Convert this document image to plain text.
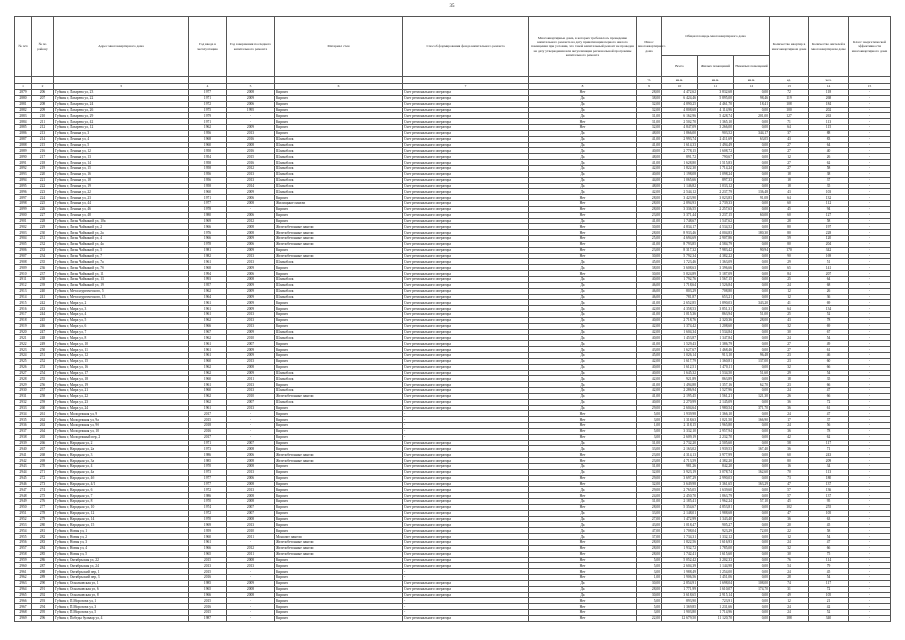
35
№ п/п	№ по району	Адрес многоквартирного дома	Год ввода в эксплуатацию	Год завершения последнего капитального ремонта	Материал стен	Способ формирования фонда капитального ремонта	Многоквартирные дома, в которых требовалось проведение капитального ремонта на дату приватизации первого жилого помещения при условии, что такой капитальный ремонт не проведен на дату утверждения или актуализации региональной программы капитального ремонта	Износ многоквартирного дома	Общая площадь многоквартирного дома			Количество квартир в многоквартирном доме	Количество жителей в многоквартирном доме	Класс энергетической эффективности многоквартирного дома
									Всего	Жилых помещений	Нежилых помещений			
								%	кв.м.	кв.м.	кв.м.	ед.	чел.	
1	2	3	4	5	6	7	8	9	10	11	12	13	14	15
2879	206	Губкин г, Лазарева ул, 23	1977	2008	Кирпич	Счет регионального оператора	Нет	28,00	4 472,62	3 832,68	0,00	72	118	-
2880	207	Губкин г, Лазарева ул, 22	1971	2009	Кирпич	Счет регионального оператора	Да	38,00	6 424,46	5 895,00	98,46	119	268	-
2881	208	Губкин г, Лазарева ул, 24	1972	2006	Кирпич	Счет регионального оператора	Да	32,00	4 890,25	4 461,70	18,41	108	184	-
2882	209	Губкин г, Лазарева ул, 26	1975	1995	Кирпич	Счет регионального оператора	Да	32,00	4 808,68	4 114,96	0,00	100	202	-
2883	210	Губкин г, Лазарева ул, 29	1979	-	Кирпич	Счет регионального оператора	Да	31,00	6 162,96	5 428,74	201,00	127	263	-
2884	211	Губкин г, Лазарева ул, 42	1971	-	Кирпич	Счет регионального оператора	Нет	31,00	2 502,70	1 365,10	0,00	71	113	-
2885	212	Губкин г, Лазарева ул, 12	1962	2009	Кирпич	Счет регионального оператора	Нет	32,00	4 847,09	3 266,00	0,00	64	115	-
2886	213	Губкин г, Ленина ул, 3	1956	2013	Кирпич	Счет регионального оператора	Да	48,00	1 866,00	903,52	344,17	37	88	-
2887	214	Губкин г, Ленина ул, 4	1968	2016	Шлакоблок	Счет регионального оператора	Да	41,00	2 993,74	2 411,69	63,05	43	83	-
2888	215	Губкин г, Ленина ул, 5	1960	2008	Шлакоблок	Счет регионального оператора	Да	41,00	1 614,33	1 494,49	0,00	27	64	-
2889	216	Губкин г, Ленина ул, 12	1958	2016	Шлакоблок	Счет регионального оператора	Да	40,00	2 778,15	1 608,72	0,00	27	40	-
2890	217	Губкин г, Ленина ул, 13	1954	2015	Шлакоблок	Счет регионального оператора	Да	48,00	891,72	790,67	0,00	12	26	-
2891	218	Губкин г, Ленина ул, 14	1958	2016	Шлакоблок	Счет регионального оператора	Да	41,00	1 628,80	1 515,83	0,00	27	62	-
2892	219	Губкин г, Ленина ул, 15	1958	2012	Шлакоблок	Счет регионального оператора	Да	42,00	1 822,30	1 714,24	0,00	27	58	-
2893	220	Губкин г, Ленина ул, 16	1956	2013	Шлакоблок	Счет регионального оператора	Да	40,00	1 198,08	1 098,24	0,00	18	38	-
2894	221	Губкин г, Ленина ул, 18	1956	2013	Шлакоблок	Счет регионального оператора	Да	44,00	1 065,66	897,33	0,00	18	37	-
2895	222	Губкин г, Ленина ул, 19	1958	2014	Шлакоблок	Счет регионального оператора	Да	48,00	1 146,82	1 033,12	0,00	18	35	-
2896	223	Губкин г, Ленина ул, 22	1960	2009	Шлакоблок	Счет регионального оператора	Да	42,00	2 544,12	2 237,79	136,48	43	103	-
2897	224	Губкин г, Ленина ул, 23	1971	2006	Кирпич	Счет регионального оператора	Нет	28,00	3 423,90	3 023,83	91,08	64	132	-
2898	225	Губкин г, Ленина ул, 44	1977	2008	Жилищные панели	Счет регионального оператора	Нет	28,00	2 894,93	2 739,33	0,00	60	112	-
2899	226	Губкин г, Ленина ул, 46	1978	-	Кирпич	Счет регионального оператора	Нет	28,00	3 336,55	2 257,63	0,00	45	94	-
2900	227	Губкин г, Ленина ул, 48	1980	2006	Кирпич	Счет регионального оператора	Нет	23,00	3 371,44	3 237,15	60,00	60	127	-
2901	228	Губкин г, Лизы Чайкиной ул, 10а	1969	2012	Кирпич	Счет регионального оператора	Да	41,00	1 748,67	1 547,62	0,00	28	58	-
2902	229	Губкин г, Лизы Чайкиной ул, 2	1966	2008	Железобетонные панели	Счет регионального оператора	Нет	30,00	4 834,17	4 534,52	0,00	80	197	-
2903	230	Губкин г, Лизы Чайкиной ул, 2а	1976	2008	Железобетонные панели	Счет регионального оператора	Нет	28,00	8 933,46	4 004,83	180,30	80	228	-
2904	231	Губкин г, Лизы Чайкиной ул, 4	1966	2009	Железобетонные панели	Счет регионального оператора	Нет	25,00	4 694,69	2 907,86	0,00	59	120	-
2905	232	Губкин г, Лизы Чайкиной ул, 4а	1978	2006	Железобетонные панели	Счет регионального оператора	Нет	41,00	8 793,85	4 584,79	0,00	80	204	-
2906	233	Губкин г, Лизы Чайкиной ул, 5	1981	2009	Кирпич	Счет регионального оператора	Нет	23,00	8 317,32	7 983,42	90,94	170	342	-
2907	234	Губкин г, Лизы Чайкиной ул, 7	1982	2013	Железобетонные панели	Счет регионального оператора	Нет	30,00	5 792,34	4 382,22	0,00	90	169	-
2908	235	Губкин г, Лизы Чайкиной ул, 7а	1961	2013	Шлакоблок	Счет регионального оператора	Да	45,00	1 723,46	1 363,09	0,00	29	51	-
2909	236	Губкин г, Лизы Чайкиной ул, 7б	1968	2009	Кирпич	Счет регионального оператора	Да	38,00	3 608,63	3 396,66	0,00	65	141	-
2910	237	Губкин г, Лизы Чайкиной ул, 11	1994	2006	Кирпич	Счет регионального оператора	Нет	30,00	5 824,89	5 187,09	0,00	84	207	-
2911	238	Губкин г, Лизы Чайкиной ул, 13	1993	2008	Шлакоблок	Счет регионального оператора	Да	40,00	1 792,76	1 567,15	0,00	25	64	-
2912	239	Губкин г, Лизы Чайкиной ул, 19	1957	2009	Шлакоблок	Счет регионального оператора	Да	46,00	1 718,64	1 526,84	0,00	24	68	-
2913	240	Губкин г, Металлургического, 5	1962	2009	Шлакоблок	Счет регионального оператора	Да	46,00	803,29	708,80	0,00	12	26	-
2914	241	Губкин г, Металлургического, 13	1964	2009	Шлакоблок	Счет регионального оператора	Да	46,00	781,87	653,21	0,00	12	36	-
2915	242	Губкин г, Мира ул, 2	1961	2009	Кирпич	Счет регионального оператора	Да	41,00	2 652,85	1 890,03	343,20	41	69	-
2916	243	Губкин г, Мира ул, 3	1961	2009	Кирпич	Счет регионального оператора	Да	42,00	4 358,53	3 851,31	0,00	64	134	-
2917	244	Губкин г, Мира ул, 4	1961	2013	Кирпич	Счет регионального оператора	Да	41,00	1 015,36	863,94	51,00	25	52	-
2918	245	Губкин г, Мира ул, 5	1962	2013	Кирпич	Счет регионального оператора	Да	40,00	2 718,76	2 320,36	28,00	43	78	-
2919	246	Губкин г, Мира ул, 6	1966	2013	Кирпич	Счет регионального оператора	Да	42,00	1 374,42	1 208,60	0,00	32	69	-
2920	247	Губкин г, Мира ул, 7	1967	2009	Шлакоблок	Счет регионального оператора	Да	42,00	1 604,34	1 534,84	0,00	30	67	-
2921	248	Губкин г, Мира ул, 8	1962	2010	Шлакоблок	Счет регионального оператора	Да	40,00	1 453,87	1 347,84	0,00	24	54	-
2922	249	Губкин г, Мира ул, 10	1961	2007	Кирпич	Счет регионального оператора	Да	41,00	1 529,43	1 386,79	0,00	27	49	-
2923	250	Губкин г, Мира ул, 11	1961	2009	Кирпич	Счет регионального оператора	Да	43,00	1 627,67	1 468,46	0,00	27	61	-
2924	251	Губкин г, Мира ул, 12	1961	2009	Кирпич	Счет регионального оператора	Да	45,00	1 026,14	913,10	96,48	23	46	-
2925	252	Губкин г, Мира ул, 15	1960	2013	Кирпич	Счет регионального оператора	Да	42,00	1 617,79	1 360,81	137,00	23	60	-
2926	253	Губкин г, Мира ул, 16	1962	2008	Кирпич	Счет регионального оператора	Да	40,00	1 612,51	1 470,11	0,00	32	66	-
2927	254	Губкин г, Мира ул, 17	1962	2009	Шлакоблок	Счет регионального оператора	Да	40,00	1 645,32	1 534,50	51,60	29	54	-
2928	255	Губкин г, Мира ул, 18	1960	2011	Шлакоблок	Счет регионального оператора	Да	42,00	921,89	863,89	0,00	18	35	-
2929	256	Губкин г, Мира ул, 19	1961	2013	Кирпич	Счет регионального оператора	Да	41,00	1 494,88	1 357,16	62,70	23	66	-
2930	257	Губкин г, Мира ул, 21	1960	2013	Шлакоблок	Счет регионального оператора	Да	42,00	2 286,94	1 527,96	0,00	24	47	-
2931	258	Губкин г, Мира ул, 22	1962	2010	Железобетонные панели	Счет регионального оператора	Да	41,00	2 195,45	1 561,21	121,30	26	66	-
2932	259	Губкин г, Мира ул, 23	1962	2007	Шлакоблок	Счет регионального оператора	Да	40,00	2 270,99	2 145,09	0,00	36	72	-
2933	260	Губкин г, Мира ул, 24	1961	2013	Кирпич	Счет регионального оператора	Да	29,00	2 604,64	1 980,54	371,70	36	61	-
2934	261	Губкин г, Молодежная ул, 9	2017	-	Кирпич	-	Нет	5,00	1 939,98	1 366,10	0,00	24	47	-
2935	262	Губкин г, Молодежная ул, 9а	2015	-	Кирпич	-	Нет	3,00	1 318,63	1 021,50	166,90	17	37	-
2936	263	Губкин г, Молодежная ул, 9б	2018	-	Кирпич	-	Нет	1,00	2 118,15	1 965,80	0,00	24	56	-
2937	264	Губкин г, Молодежная ул, 10	2016	-	Кирпич	-	Нет	5,00	3 332,10	2 957,94	0,00	36	78	-
2938	265	Губкин г, Молодежный пер, 2	2017	-	Кирпич	-	Нет	3,00	2 609,19	2 232,70	0,00	42	62	-
2939	266	Губкин г, Народная ул, 2	1971	2007	Кирпич	Счет регионального оператора	Да	31,00	2 732,20	2 505,60	0,00	58	117	-
2940	267	Губкин г, Народная ул, 2а	1973	2008	Кирпич	Счет регионального оператора	Да	33,00	2 163,02	1 939,53	167,40	36	71	-
2941	268	Губкин г, Народная ул, 3	1986	2006	Железобетонные панели	Счет регионального оператора	Нет	23,00	4 314,13	3 977,99	0,00	60	243	-
2942	269	Губкин г, Народная ул, 3а	1985	2008	Железобетонные панели	Счет регионального оператора	Нет	23,00	4 713,59	4 382,20	0,00	80	209	-
2943	270	Губкин г, Народная ул, 4	1970	2008	Кирпич	Счет регионального оператора	Да	31,00	981,26	842,20	0,00	16	34	-
2944	271	Губкин г, Народная ул, 4а	1973	2013	Кирпич	Счет регионального оператора	Да	32,00	3 923,19	3 078,74	162,60	70	113	-
2945	272	Губкин г, Народная ул, 4б	1977	2006	Кирпич	Счет регионального оператора	Нет	29,00	3 697,29	2 990,03	0,00	73	180	-
2946	273	Губкин г, Народная ул, 4/1	1977	2008	Кирпич	Счет регионального оператора	Нет	32,00	3 649,98	3 361,65	163,29	47	137	-
2947	274	Губкин г, Народная ул, 6	1972	2013	Кирпич	Счет регионального оператора	Да	29,00	2 765,05	1 639,60	0,00	57	136	-
2948	275	Губкин г, Народная ул, 7	1986	2008	Кирпич	Счет регионального оператора	Нет	24,00	2 450,70	1 863,79	0,00	57	137	-
2949	276	Губкин г, Народная ул, 8	1970	2008	Кирпич	Счет регионального оператора	Да	31,00	2 185,41	1 962,24	57,10	45	95	-
2950	277	Губкин г, Народная ул, 10	1974	2007	Кирпич	Счет регионального оператора	Нет	28,00	5 354,67	4 853,81	0,00	102	255	-
2951	278	Губкин г, Народная ул, 12	1972	2007	Кирпич	Счет регионального оператора	Да	33,00	2 148,01	1 988,68	0,00	47	105	-
2952	279	Губкин г, Народная ул, 14	1970	2008	Кирпич	Счет регионального оператора	Да	27,00	1 472,99	1 343,40	0,00	36	63	-
2953	280	Губкин г, Народная ул, 15	1969	2013	Кирпич	Счет регионального оператора	Да	43,00	1 018,47	905,27	0,00	20	45	-
2954	281	Губкин г, Новая ул, 1	1959	2010	Кирпич	Счет регионального оператора	Да	47,00	1 708,04	923,29	72,00	22	58	-
2955	282	Губкин г, Новая ул, 2	1960	2011	Монолит панели	Счет регионального оператора	Да	37,00	1 734,31	1 332,12	0,00	12	54	-
2956	283	Губкин г, Новая ул, 3	1961	-	Железобетонные панели	Счет регионального оператора	Нет	28,00	1 822,56	1 616,93	0,00	24	47	-
2957	284	Губкин г, Новая ул, 4	1966	2012	Железобетонные панели	Счет регионального оператора	Нет	28,00	1 932,72	1 785,00	0,00	32	66	-
2958	285	Губкин г, Новая ул, 5	1965	2011	Железобетонные панели	Счет регионального оператора	Нет	28,00	1 742,41	1 615,60	0,00	30	75	-
2959	286	Губкин г, Октябрьская ул, 22	2015	2008	Кирпич	Счет регионального оператора	Нет	5,00	5 052,42	3 202,33	0,00	76	114	-
2960	287	Губкин г, Октябрьская ул, 24	2013	2013	Кирпич	Счет регионального оператора	Нет	5,00	2 604,39	1 144,98	0,00	54	79	-
2961	288	Губкин г, Октябрьский пер, 1	2015	-	Кирпич	-	Нет	3,00	1 988,49	1 254,00	0,00	24	45	-
2962	289	Губкин г, Октябрьский пер, 3	2016	-	Кирпич	-	Нет	1,00	1 906,56	1 451,06	0,00	28	54	-
2963	290	Губкин г, Осколковская ул, 1	1985	2009	Кирпич	Счет регионального оператора	Да	30,00	2 854,91	1 698,04	108,00	74	117	-
2964	291	Губкин г, Осколковская ул, 6	1965	2008	Кирпич	Счет регионального оператора	Да	28,00	1 771,99	1 610,07	174,70	31	72	-
2965	292	Губкин г, Осколковская ул, 8	1966	2008	Кирпич	Счет регионального оператора	Да	30,00	3 618,65	2 915,14	0,00	49	105	-
2966	293	Губкин г, П.Морозова ул, 1	2015	-	Кирпич	-	Нет	5,00	893,90	723,91	0,00	12	21	-
2967	294	Губкин г, П.Морозова ул, 3	2016	-	Кирпич	-	Нет	5,00	1 369,85	1 231,66	0,00	24	42	-
2968	295	Губкин г, П.Морозова ул, 5	2015	-	Кирпич	-	Нет	3,00	1 903,80	1 714,96	0,00	24	52	-
2969	296	Губкин г, Победы бульвар ул, 4	1987	-	Кирпич	Счет регионального оператора	Нет	22,00	12 679,50	11 120,70	0,00	188	340	-
